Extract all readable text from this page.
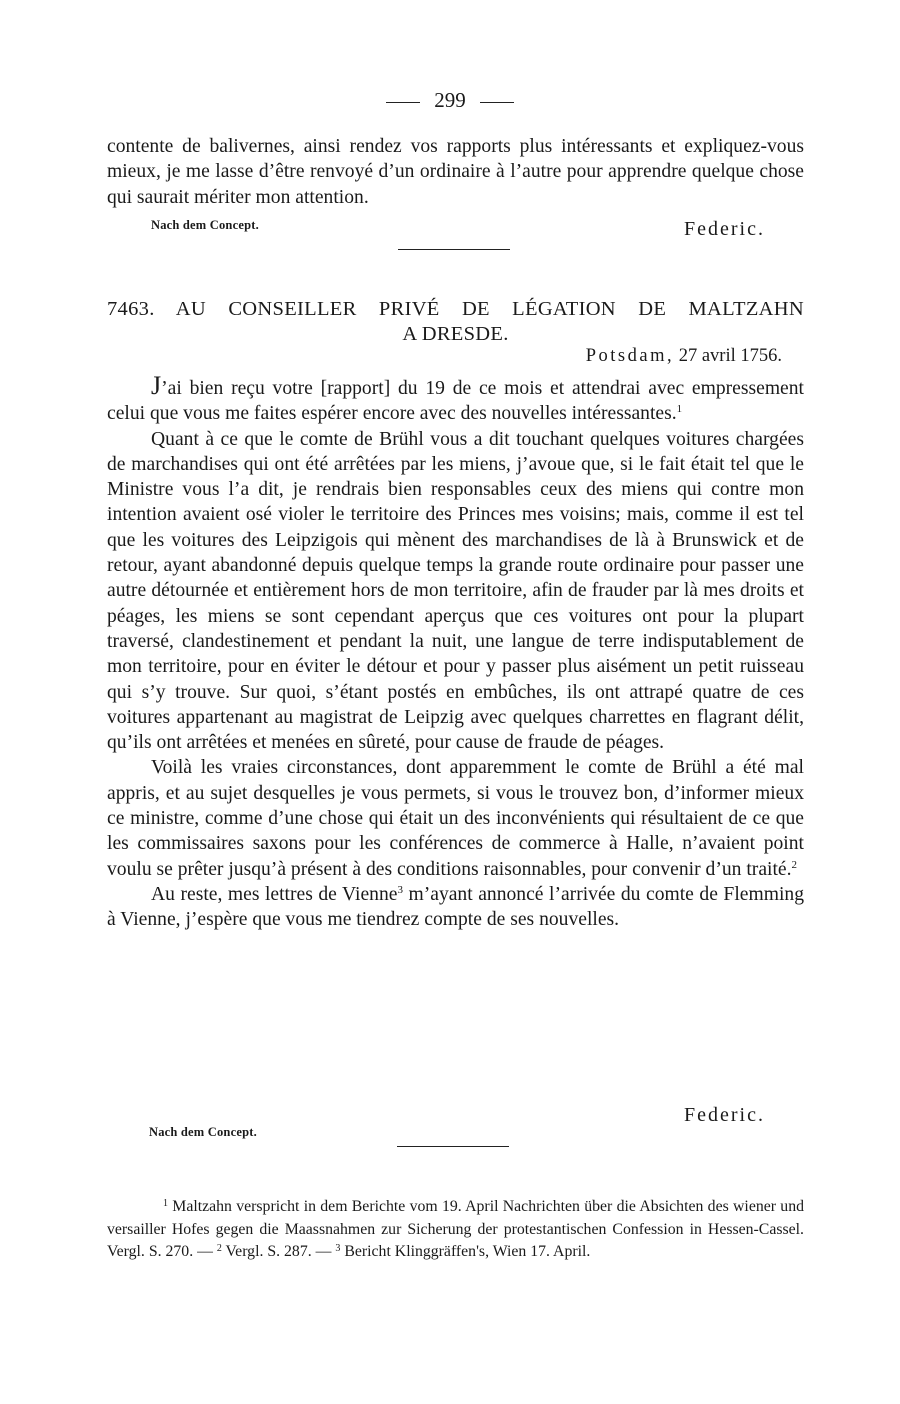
299
contente de balivernes, ainsi rendez vos rapports plus intéressants et expliquez-vous mieux, je me lasse d’être renvoyé d’un ordinaire à l’autre pour apprendre quelque chose qui saurait mériter mon attention.
Nach dem Concept.	Federic.
7463. AU CONSEILLER PRIVÉ DE LÉGATION DE MALTZAHN
A DRESDE.
Potsdam, 27 avril 1756.
J’ai bien reçu votre [rapport] du 19 de ce mois et attendrai avec empressement celui que vous me faites espérer encore avec des nouvelles intéressantes.$^1$
Quant à ce que le comte de Brühl vous a dit touchant quelques voitures chargées de marchandises qui ont été arrêtées par les miens, j’avoue que, si le fait était tel que le Ministre vous l’a dit, je rendrais bien responsables ceux des miens qui contre mon intention avaient osé violer le territoire des Princes mes voisins; mais, comme il est tel que les voitures des Leipzigois qui mènent des marchandises de là à Brunswick et de retour, ayant abandonné depuis quelque temps la grande route ordinaire pour passer une autre détournée et entièrement hors de mon territoire, afin de frauder par là mes droits et péages, les miens se sont cependant aperçus que ces voitures ont pour la plupart traversé, clandestinement et pendant la nuit, une langue de terre indisputablement de mon territoire, pour en éviter le détour et pour y passer plus aisément un petit ruisseau qui s’y trouve. Sur quoi, s’étant postés en embûches, ils ont attrapé quatre de ces voitures appartenant au magistrat de Leipzig avec quelques charrettes en flagrant délit, qu’ils ont arrêtées et menées en sûreté, pour cause de fraude de péages.
Voilà les vraies circonstances, dont apparemment le comte de Brühl a été mal appris, et au sujet desquelles je vous permets, si vous le trouvez bon, d’informer mieux ce ministre, comme d’une chose qui était un des inconvénients qui résultaient de ce que les commissaires saxons pour les conférences de commerce à Halle, n’avaient point voulu se prêter jusqu’à présent à des conditions raisonnables, pour convenir d’un traité.$^2$
Au reste, mes lettres de Vienne$^3$ m’ayant annoncé l’arrivée du comte de Flemming à Vienne, j’espère que vous me tiendrez compte de ses nouvelles.
Federic.
Nach dem Concept.

$^1$ Maltzahn verspricht in dem Berichte vom 19. April Nachrichten über die Absichten des wiener und versailler Hofes gegen die Maassnahmen zur Sicherung der protestantischen Confession in Hessen-Cassel. Vergl. S. 270. — $^2$ Vergl. S. 287. — $^3$ Bericht Klinggräffen's, Wien 17. April.
